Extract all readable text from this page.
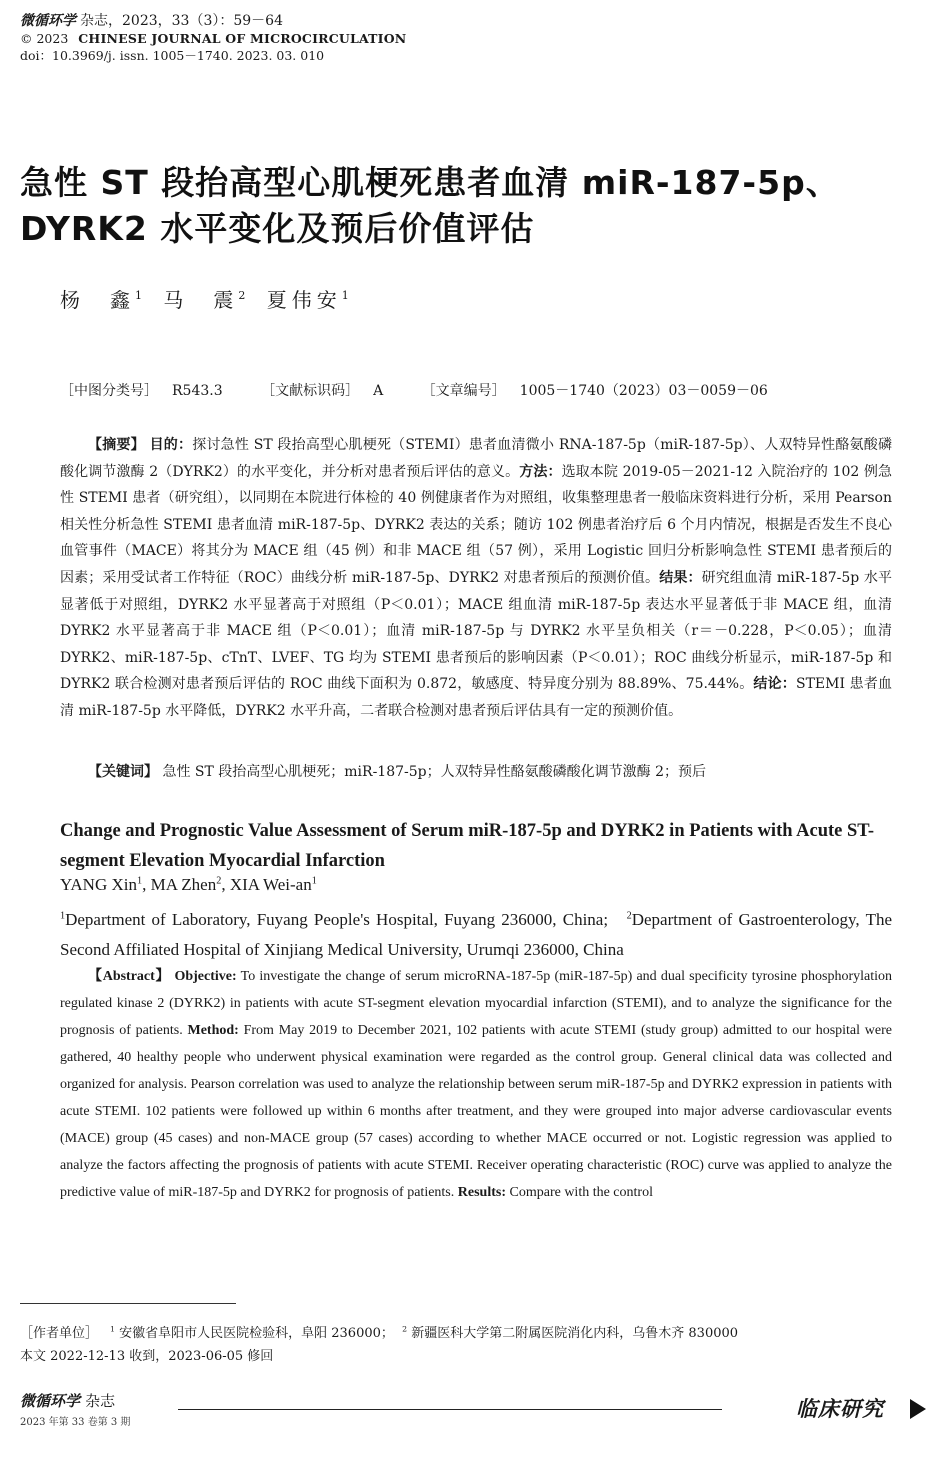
微循环学 杂志，2023，33（3）：59－64
© 2023 CHINESE JOURNAL OF MICROCIRCULATION
doi：10.3969/j. issn. 1005－1740. 2023. 03. 010
急性 ST 段抬高型心肌梗死患者血清 miR-187-5p、DYRK2 水平变化及预后价值评估
杨　鑫$^1$ 马　震$^2$ 夏伟安$^1$
［中图分类号］ R543.3	［文献标识码］ A	［文章编号］ 1005－1740（2023）03－0059－06
【摘要】 目的：探讨急性 ST 段抬高型心肌梗死（STEMI）患者血清微小 RNA-187-5p（miR-187-5p）、人双特异性酪氨酸磷酸化调节激酶 2（DYRK2）的水平变化，并分析对患者预后评估的意义。方法：选取本院 2019-05－2021-12 入院治疗的 102 例急性 STEMI 患者（研究组），以同期在本院进行体检的 40 例健康者作为对照组，收集整理患者一般临床资料进行分析，采用 Pearson 相关性分析急性 STEMI 患者血清 miR-187-5p、DYRK2 表达的关系；随访 102 例患者治疗后 6 个月内情况，根据是否发生不良心血管事件（MACE）将其分为 MACE 组（45 例）和非 MACE 组（57 例），采用 Logistic 回归分析影响急性 STEMI 患者预后的因素；采用受试者工作特征（ROC）曲线分析 miR-187-5p、DYRK2 对患者预后的预测价值。结果：研究组血清 miR-187-5p 水平显著低于对照组，DYRK2 水平显著高于对照组（P＜0.01）；MACE 组血清 miR-187-5p 表达水平显著低于非 MACE 组，血清 DYRK2 水平显著高于非 MACE 组（P＜0.01）；血清 miR-187-5p 与 DYRK2 水平呈负相关（r＝－0.228，P＜0.05）；血清 DYRK2、miR-187-5p、cTnT、LVEF、TG 均为 STEMI 患者预后的影响因素（P＜0.01）；ROC 曲线分析显示，miR-187-5p 和 DYRK2 联合检测对患者预后评估的 ROC 曲线下面积为 0.872，敏感度、特异度分别为 88.89%、75.44%。结论：STEMI 患者血清 miR-187-5p 水平降低，DYRK2 水平升高，二者联合检测对患者预后评估具有一定的预测价值。
【关键词】 急性 ST 段抬高型心肌梗死；miR-187-5p；人双特异性酪氨酸磷酸化调节激酶 2；预后
Change and Prognostic Value Assessment of Serum miR-187-5p and DYRK2 in Patients with Acute ST-segment Elevation Myocardial Infarction
YANG Xin$^1$, MA Zhen$^2$, XIA Wei-$an^1$
$^1$Department of Laboratory, Fuyang People's Hospital, Fuyang 236000, China; $^2$Department of Gastroenterology, The Second Affiliated Hospital of Xinjiang Medical University, Urumqi 236000, China
【Abstract】 Objective: To investigate the change of serum microRNA-187-5p (miR-187-5p) and dual specificity tyrosine phosphorylation regulated kinase 2 (DYRK2) in patients with acute ST-segment elevation myocardial infarction (STEMI), and to analyze the significance for the prognosis of patients. Method: From May 2019 to December 2021, 102 patients with acute STEMI (study group) admitted to our hospital were gathered, 40 healthy people who underwent physical examination were regarded as the control group. General clinical data was collected and organized for analysis. Pearson correlation was used to analyze the relationship between serum miR-187-5p and DYRK2 expression in patients with acute STEMI. 102 patients were followed up within 6 months after treatment, and they were grouped into major adverse cardiovascular events (MACE) group (45 cases) and non-MACE group (57 cases) according to whether MACE occurred or not. Logistic regression was applied to analyze the factors affecting the prognosis of patients with acute STEMI. Receiver operating characteristic (ROC) curve was applied to analyze the predictive value of miR-187-5p and DYRK2 for prognosis of patients. Results: Compare with the control
［作者单位］ $^1$ 安徽省阜阳市人民医院检验科，阜阳 236000； $^2$ 新疆医科大学第二附属医院消化内科，乌鲁木齐 830000
本文 2022-12-13 收到，2023-06-05 修回
微循环学 杂志
2023 年第 33 卷第 3 期
临床研究
